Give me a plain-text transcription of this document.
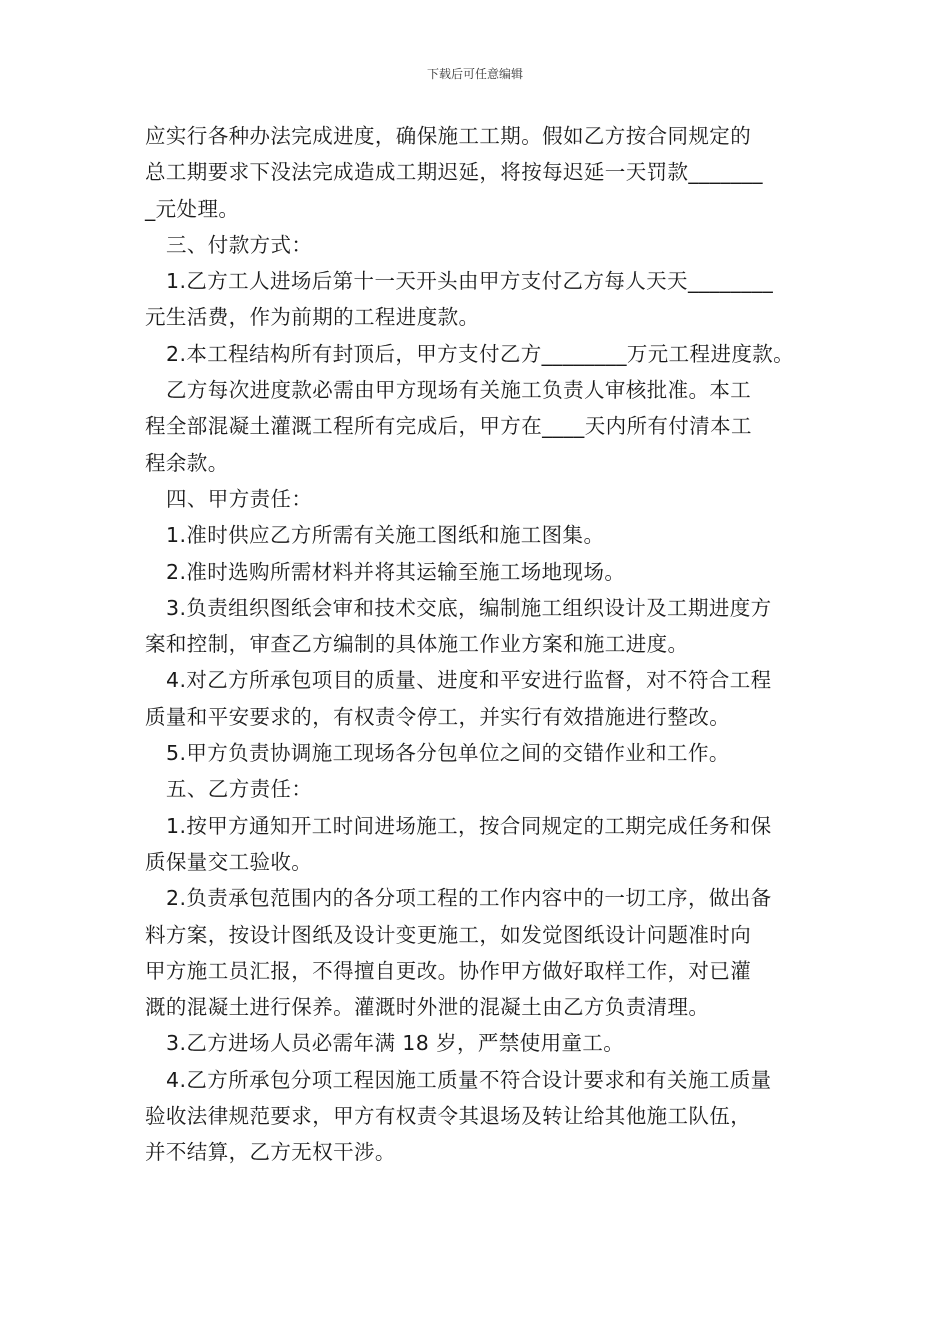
下载后可任意编辑
应实行各种办法完成进度，确保施工工期。假如乙方按合同规定的
总工期要求下没法完成造成工期迟延，将按每迟延一天罚款_______
_元处理。
三、付款方式：
1.乙方工人进场后第十一天开头由甲方支付乙方每人天天________
元生活费，作为前期的工程进度款。
2.本工程结构所有封顶后，甲方支付乙方________万元工程进度款。
乙方每次进度款必需由甲方现场有关施工负责人审核批准。本工
程全部混凝土灌溉工程所有完成后，甲方在____天内所有付清本工
程余款。
四、甲方责任：
1.准时供应乙方所需有关施工图纸和施工图集。
2.准时选购所需材料并将其运输至施工场地现场。
3.负责组织图纸会审和技术交底，编制施工组织设计及工期进度方
案和控制，审查乙方编制的具体施工作业方案和施工进度。
4.对乙方所承包项目的质量、进度和平安进行监督，对不符合工程
质量和平安要求的，有权责令停工，并实行有效措施进行整改。
5.甲方负责协调施工现场各分包单位之间的交错作业和工作。
五、乙方责任：
1.按甲方通知开工时间进场施工，按合同规定的工期完成任务和保
质保量交工验收。
2.负责承包范围内的各分项工程的工作内容中的一切工序，做出备
料方案，按设计图纸及设计变更施工，如发觉图纸设计问题准时向
甲方施工员汇报，不得擅自更改。协作甲方做好取样工作，对已灌
溉的混凝土进行保养。灌溉时外泄的混凝土由乙方负责清理。
3.乙方进场人员必需年满 18 岁，严禁使用童工。
4.乙方所承包分项工程因施工质量不符合设计要求和有关施工质量
验收法律规范要求，甲方有权责令其退场及转让给其他施工队伍，
并不结算，乙方无权干涉。
